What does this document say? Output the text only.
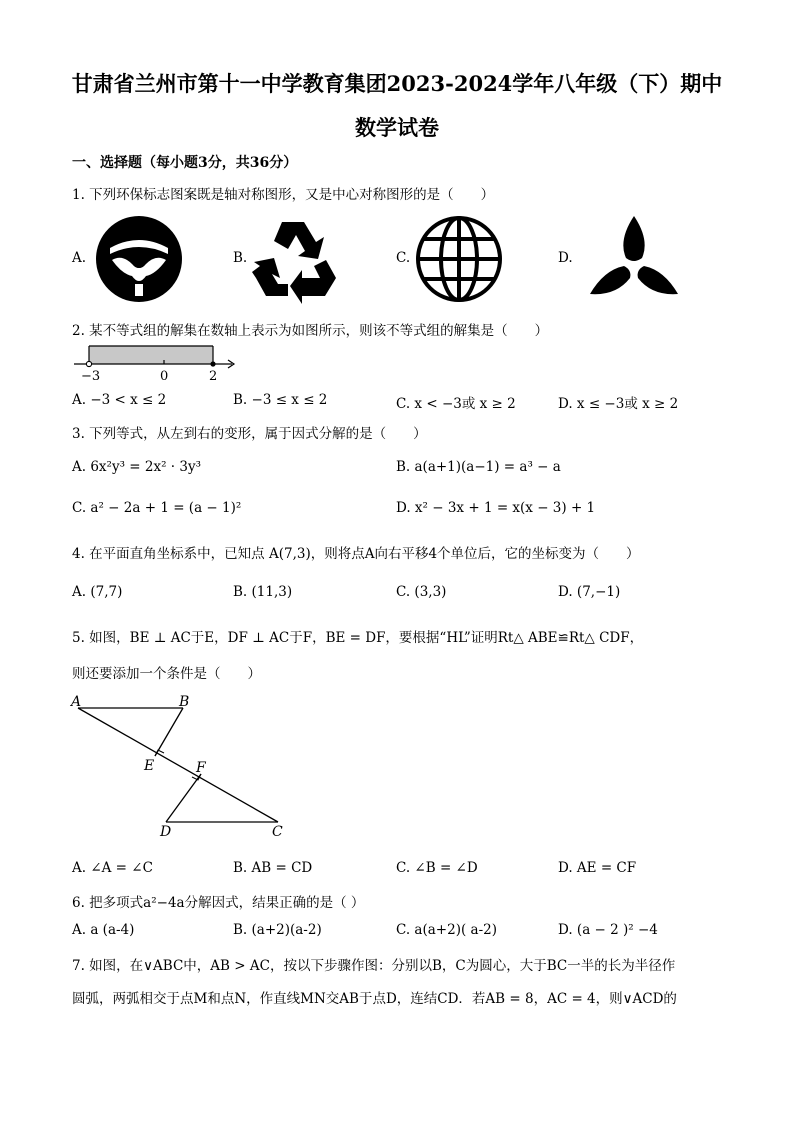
甘肃省兰州市第十一中学教育集团2023-2024学年八年级（下）期中
数学试卷
一、选择题（每小题3分，共36分）
1. 下列环保标志图案既是轴对称图形，又是中心对称图形的是（　　）
A.	B.	C.	D.
2. 某不等式组的解集在数轴上表示为如图所示，则该不等式组的解集是（　　）
−3	0	2
A. −3 < x ≤ 2	B. −3 ≤ x ≤ 2	C. x < −3或 x ≥ 2	D. x ≤ −3或 x ≥ 2
3. 下列等式，从左到右的变形，属于因式分解的是（　　）
A. 6x²y³ = 2x² · 3y³	B. a(a+1)(a−1) = a³ − a
C. a² − 2a + 1 = (a − 1)²	D. x² − 3x + 1 = x(x − 3) + 1
4. 在平面直角坐标系中，已知点 A(7,3)，则将点A向右平移4个单位后，它的坐标变为（　　）
A. (7,7)	B. (11,3)	C. (3,3)	D. (7,−1)
5. 如图，BE ⊥ AC于E，DF ⊥ AC于F，BE = DF，要根据“HL”证明Rt△ ABE≌Rt△ CDF，
则还要添加一个条件是（　　）
A	B
E	F
D	C
A. ∠A = ∠C	B. AB = CD	C. ∠B = ∠D	D. AE = CF
6. 把多项式a²−4a分解因式，结果正确的是（ ）
A. a (a-4)	B. (a+2)(a-2)	C. a(a+2)( a-2)	D. (a − 2 )² −4
7. 如图，在∨ABC中，AB > AC，按以下步骤作图：分别以B，C为圆心，大于BC一半的长为半径作
圆弧，两弧相交于点M和点N，作直线MN交AB于点D，连结CD．若AB = 8，AC = 4，则∨ACD的
